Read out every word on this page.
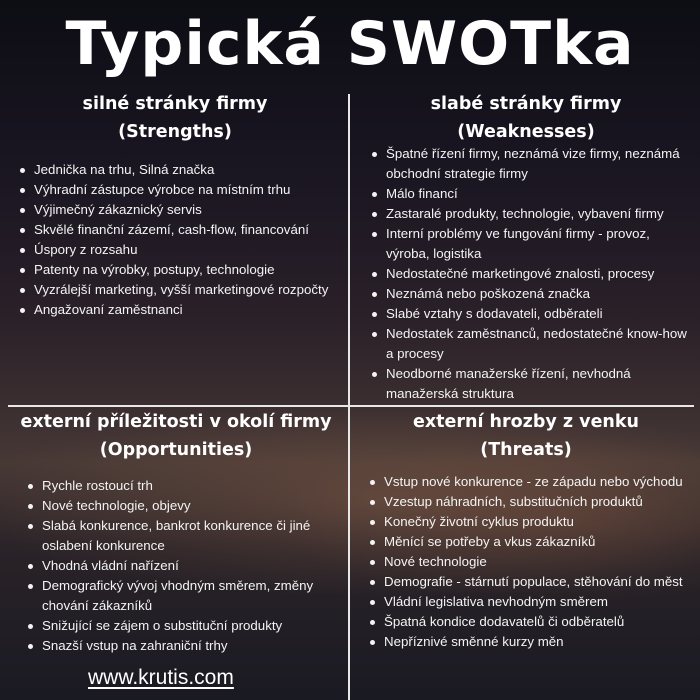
Typická SWOTka
silné stránky firmy
(Strengths)
Jednička na trhu, Silná značka
Výhradní zástupce výrobce na místním trhu
Výjimečný zákaznický servis
Skvělé finanční zázemí, cash-flow, financování
Úspory z rozsahu
Patenty na výrobky, postupy, technologie
Vyzrálejší marketing, vyšší marketingové rozpočty
Angažovaní zaměstnanci
slabé stránky firmy
(Weaknesses)
Špatné řízení firmy, neznámá vize firmy, neznámá obchodní strategie firmy
Málo financí
Zastaralé produkty, technologie, vybavení firmy
Interní problémy ve fungování firmy - provoz, výroba, logistika
Nedostatečné marketingové znalosti, procesy
Neznámá nebo poškozená značka
Slabé vztahy s dodavateli, odběrateli
Nedostatek zaměstnanců, nedostatečné know-how a procesy
Neodborné manažerské řízení, nevhodná manažerská struktura
externí příležitosti v okolí firmy
(Opportunities)
Rychle rostoucí trh
Nové technologie, objevy
Slabá konkurence, bankrot konkurence či jiné oslabení konkurence
Vhodná vládní nařízení
Demografický vývoj vhodným směrem, změny chování zákazníků
Snižující se zájem o substituční produkty
Snazší vstup na zahraniční trhy
externí hrozby z venku
(Threats)
Vstup nové konkurence - ze západu nebo východu
Vzestup náhradních, substitučních produktů
Konečný životní cyklus produktu
Měnící se potřeby a vkus zákazníků
Nové technologie
Demografie - stárnutí populace, stěhování do měst
Vládní legislativa nevhodným směrem
Špatná kondice dodavatelů či odběratelů
Nepříznivé směnné kurzy měn
www.krutis.com
